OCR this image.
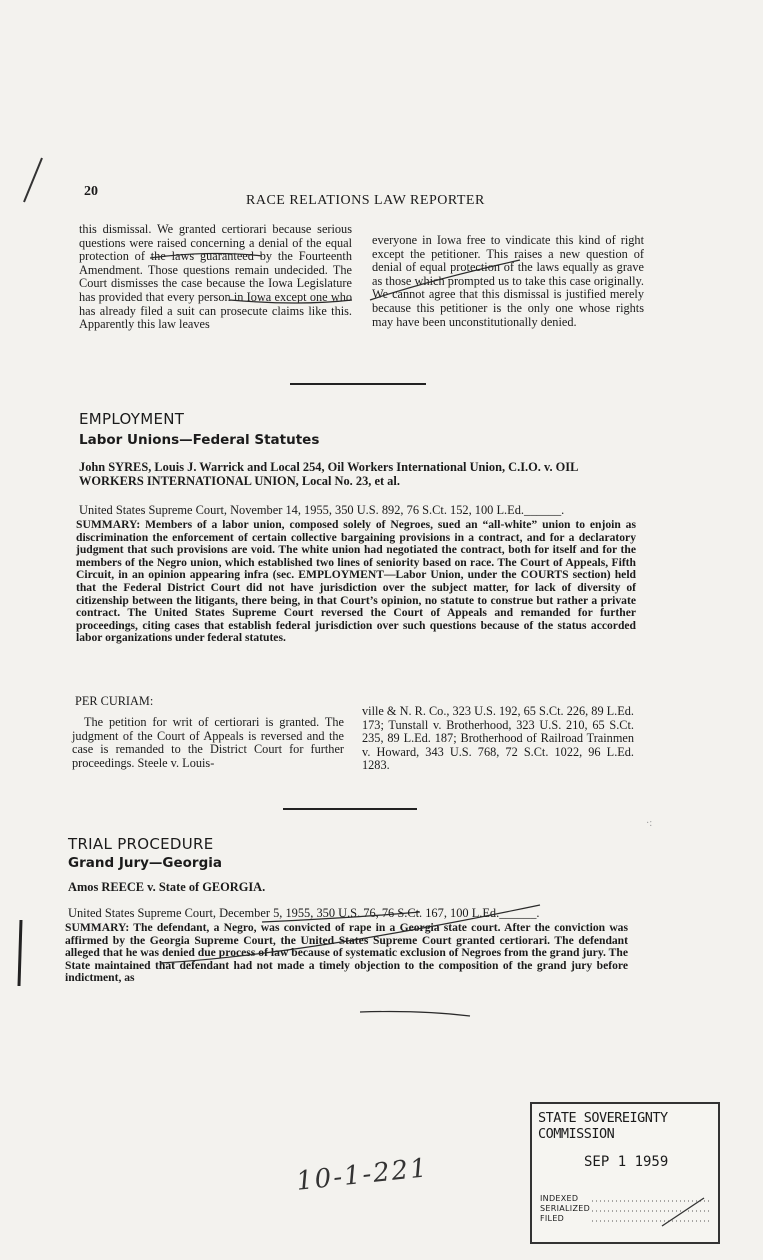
20
RACE RELATIONS LAW REPORTER
this dismissal. We granted certiorari because serious questions were raised concerning a denial of the equal protection of the laws guaranteed by the Fourteenth Amendment. Those questions remain undecided. The Court dismisses the case because the Iowa Legislature has provided that every person in Iowa except one who has already filed a suit can prosecute claims like this. Apparently this law leaves
everyone in Iowa free to vindicate this kind of right except the petitioner. This raises a new question of denial of equal protection of the laws equally as grave as those which prompted us to take this case originally. We cannot agree that this dismissal is justified merely because this petitioner is the only one whose rights may have been unconstitutionally denied.
EMPLOYMENT
Labor Unions—Federal Statutes
John SYRES, Louis J. Warrick and Local 254, Oil Workers International Union, C.I.O. v. OIL WORKERS INTERNATIONAL UNION, Local No. 23, et al.
United States Supreme Court, November 14, 1955, 350 U.S. 892, 76 S.Ct. 152, 100 L.Ed.______.
SUMMARY: Members of a labor union, composed solely of Negroes, sued an “all-white” union to enjoin as discrimination the enforcement of certain collective bargaining provisions in a contract, and for a declaratory judgment that such provisions are void. The white union had negotiated the contract, both for itself and for the members of the Negro union, which established two lines of seniority based on race. The Court of Appeals, Fifth Circuit, in an opinion appearing infra (sec. EMPLOYMENT—Labor Union, under the COURTS section) held that the Federal District Court did not have jurisdiction over the subject matter, for lack of diversity of citizenship between the litigants, there being, in that Court’s opinion, no statute to construe but rather a private contract. The United States Supreme Court reversed the Court of Appeals and remanded for further proceedings, citing cases that establish federal jurisdiction over such questions because of the status accorded labor organizations under federal statutes.
PER CURIAM:
The petition for writ of certiorari is granted. The judgment of the Court of Appeals is reversed and the case is remanded to the District Court for further proceedings. Steele v. Louis-
ville & N. R. Co., 323 U.S. 192, 65 S.Ct. 226, 89 L.Ed. 173; Tunstall v. Brotherhood, 323 U.S. 210, 65 S.Ct. 235, 89 L.Ed. 187; Brotherhood of Railroad Trainmen v. Howard, 343 U.S. 768, 72 S.Ct. 1022, 96 L.Ed. 1283.
·:
TRIAL PROCEDURE
Grand Jury—Georgia
Amos REECE v. State of GEORGIA.
United States Supreme Court, December 5, 1955, 350 U.S. 76, 76 S.Ct. 167, 100 L.Ed.______.
SUMMARY: The defendant, a Negro, was convicted of rape in a Georgia state court. After the conviction was affirmed by the Georgia Supreme Court, the United States Supreme Court granted certiorari. The defendant alleged that he was denied due process of law because of systematic exclusion of Negroes from the grand jury. The State maintained that defendant had not made a timely objection to the composition of the grand jury before indictment, as
STATE SOVEREIGNTY COMMISSION
SEP 1 1959
INDEXED
SERIALIZED
FILED
10-1-221
